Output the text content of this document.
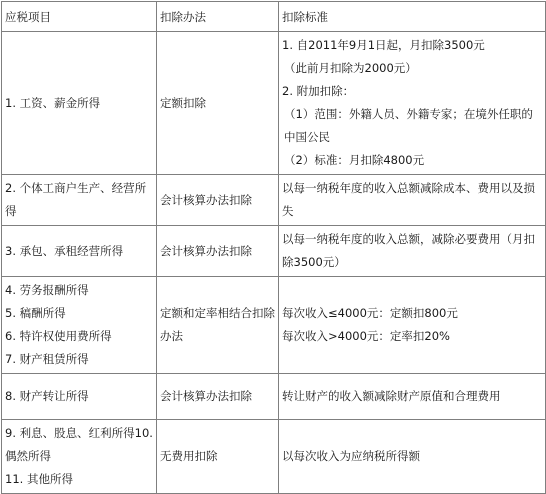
应税项目	扣除办法	扣除标准

1. 工资、薪金所得	定额扣除	1. 自2011年9月1日起，月扣除3500元
（此前月扣除为2000元）
2. 附加扣除：
（1）范围：外籍人员、外籍专家；在境外任职的中国公民
（2）标准：月扣除4800元

2. 个体工商户生产、经营所得	会计核算办法扣除	以每一纳税年度的收入总额减除成本、费用以及损失

3. 承包、承租经营所得	会计核算办法扣除	以每一纳税年度的收入总额，减除必要费用（月扣除3500元）

4. 劳务报酬所得
5. 稿酬所得
6. 特许权使用费所得
7. 财产租赁所得	定额和定率相结合扣除办法	每次收入≤4000元：定额扣800元
每次收入>4000元：定率扣20%

8. 财产转让所得	会计核算办法扣除	转让财产的收入额减除财产原值和合理费用

9. 利息、股息、红利所得10. 偶然所得
11. 其他所得	无费用扣除	以每次收入为应纳税所得额
